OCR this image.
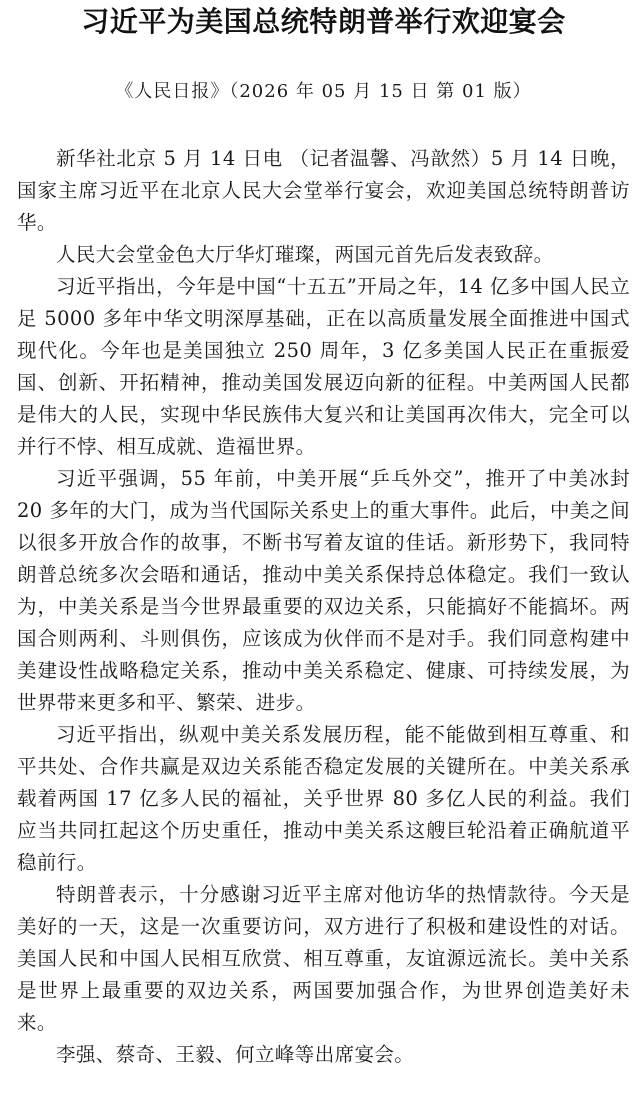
习近平为美国总统特朗普举行欢迎宴会
《人民日报》（2026 年 05 月 15 日 第 01 版）

新华社北京 5 月 14 日电 （记者温馨、冯歆然）5 月 14 日晚，国家主席习近平在北京人民大会堂举行宴会，欢迎美国总统特朗普访华。

人民大会堂金色大厅华灯璀璨，两国元首先后发表致辞。

习近平指出，今年是中国“十五五”开局之年，14 亿多中国人民立足 5000 多年中华文明深厚基础，正在以高质量发展全面推进中国式现代化。今年也是美国独立 250 周年，3 亿多美国人民正在重振爱国、创新、开拓精神，推动美国发展迈向新的征程。中美两国人民都是伟大的人民，实现中华民族伟大复兴和让美国再次伟大，完全可以并行不悖、相互成就、造福世界。

习近平强调，55 年前，中美开展“乒乓外交”，推开了中美冰封 20 多年的大门，成为当代国际关系史上的重大事件。此后，中美之间以很多开放合作的故事，不断书写着友谊的佳话。新形势下，我同特朗普总统多次会晤和通话，推动中美关系保持总体稳定。我们一致认为，中美关系是当今世界最重要的双边关系，只能搞好不能搞坏。两国合则两利、斗则俱伤，应该成为伙伴而不是对手。我们同意构建中美建设性战略稳定关系，推动中美关系稳定、健康、可持续发展，为世界带来更多和平、繁荣、进步。

习近平指出，纵观中美关系发展历程，能不能做到相互尊重、和平共处、合作共赢是双边关系能否稳定发展的关键所在。中美关系承载着两国 17 亿多人民的福祉，关乎世界 80 多亿人民的利益。我们应当共同扛起这个历史重任，推动中美关系这艘巨轮沿着正确航道平稳前行。

特朗普表示，十分感谢习近平主席对他访华的热情款待。今天是美好的一天，这是一次重要访问，双方进行了积极和建设性的对话。美国人民和中国人民相互欣赏、相互尊重，友谊源远流长。美中关系是世界上最重要的双边关系，两国要加强合作，为世界创造美好未来。

李强、蔡奇、王毅、何立峰等出席宴会。
